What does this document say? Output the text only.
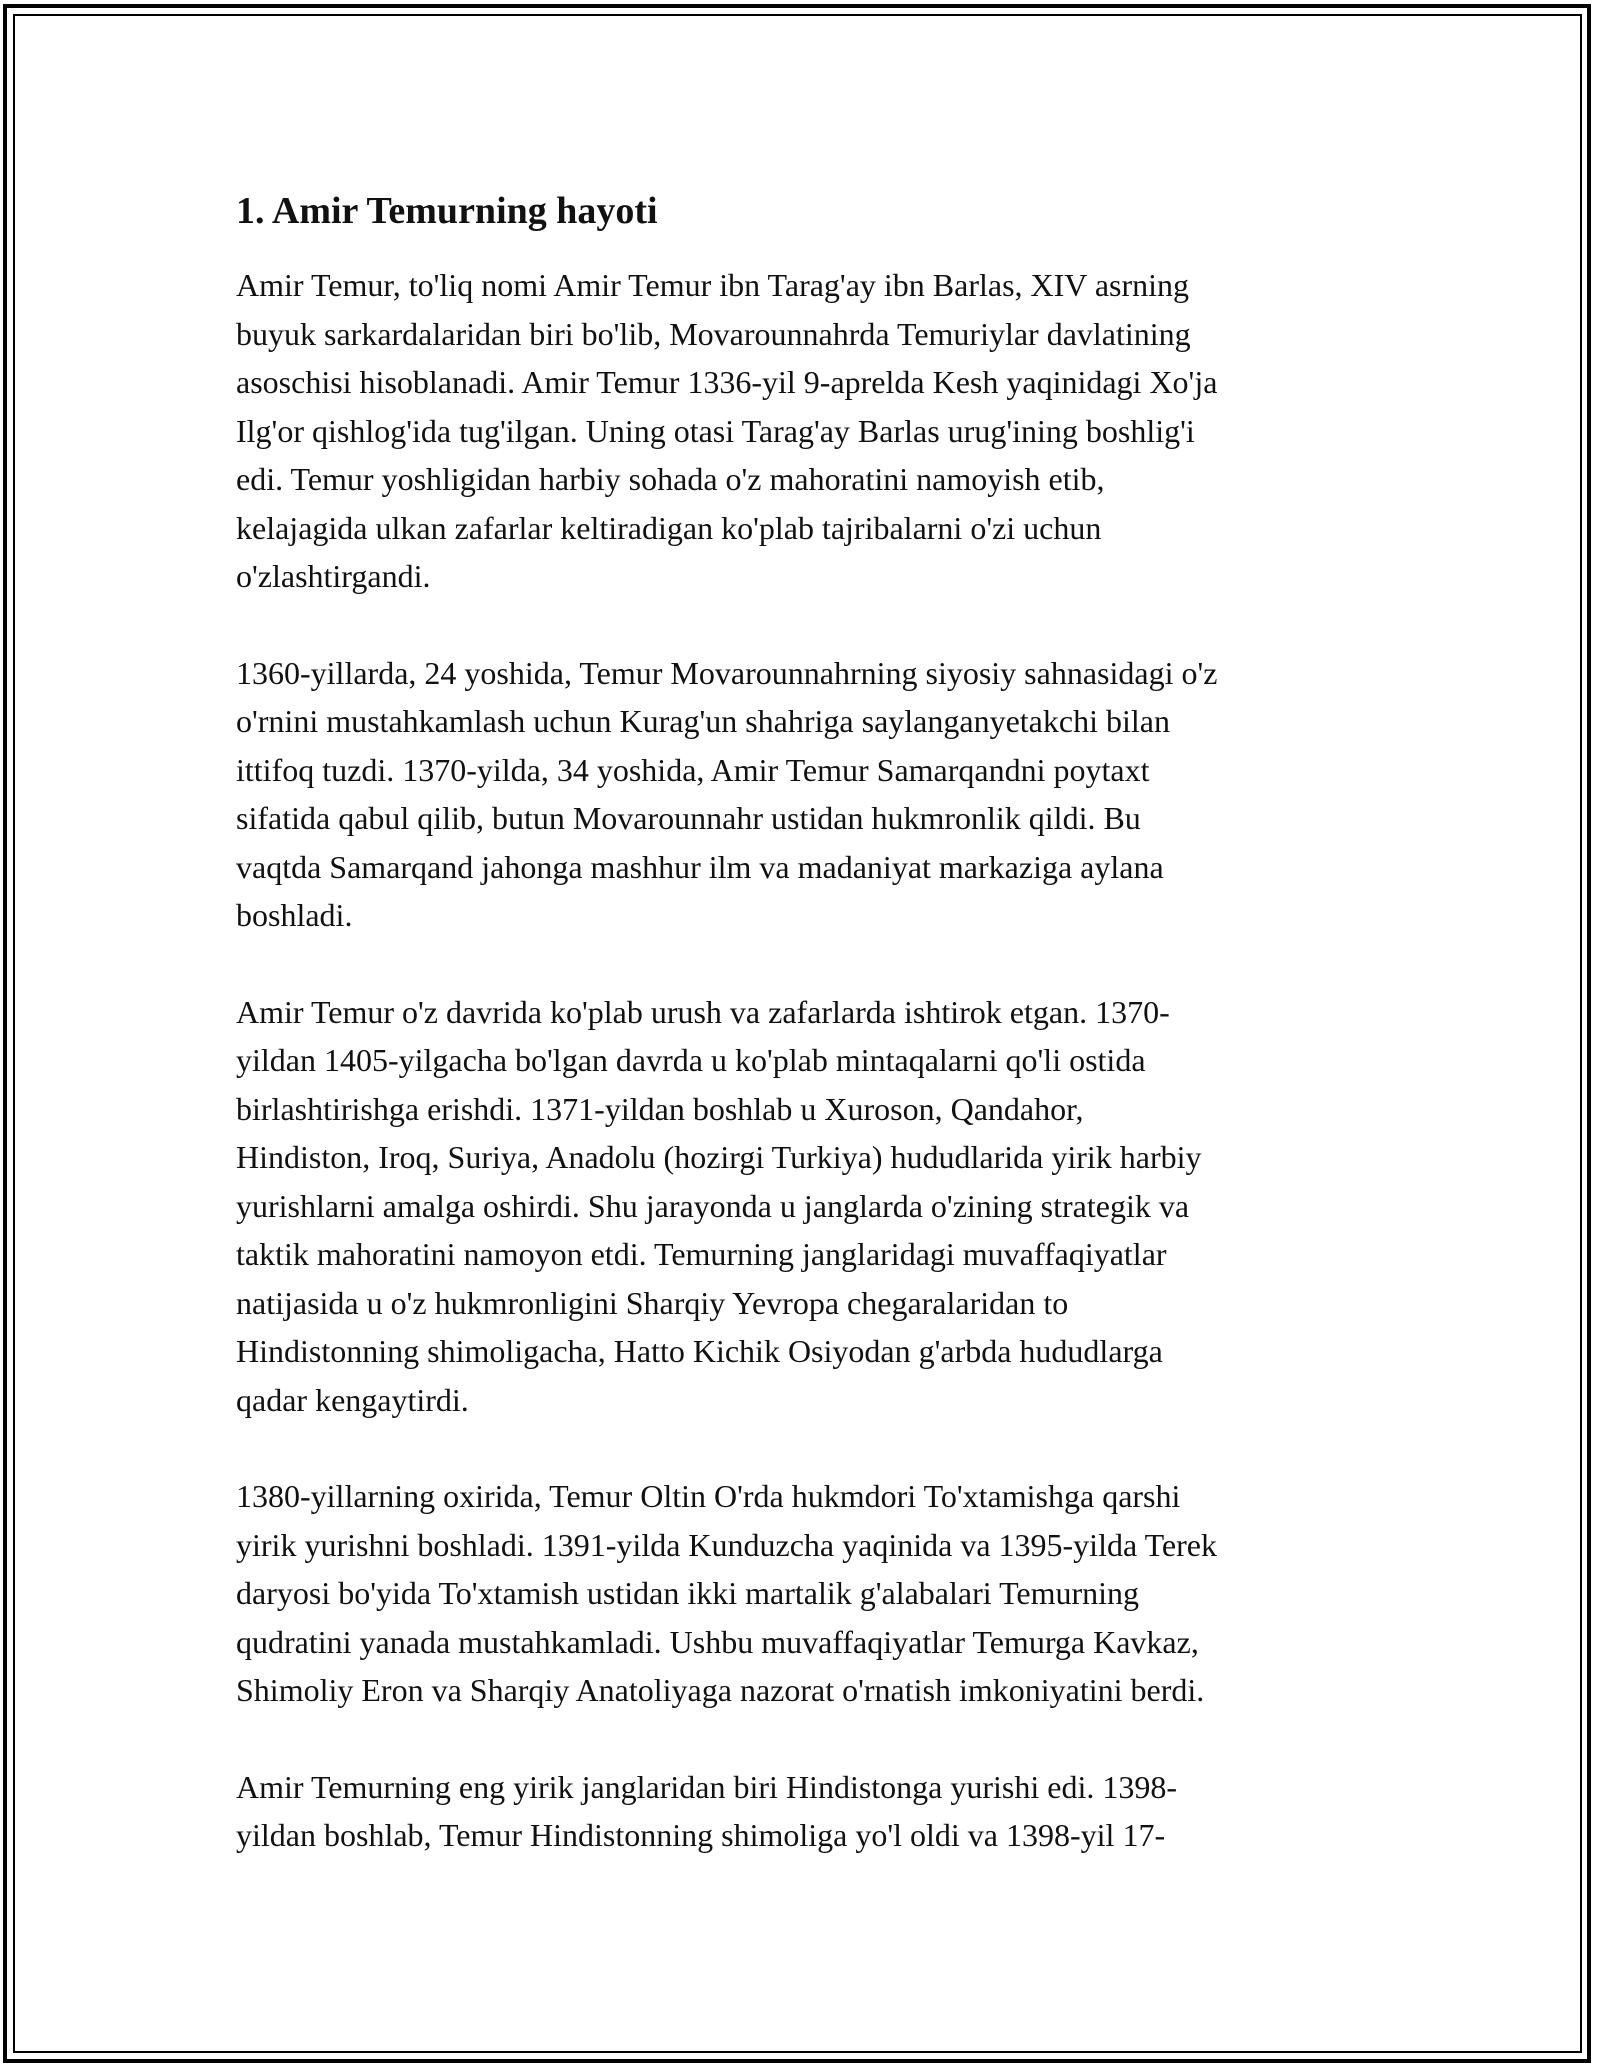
1. Amir Temurning hayoti

Amir Temur, to'liq nomi Amir Temur ibn Tarag'ay ibn Barlas, XIV asrning
buyuk sarkardalaridan biri bo'lib, Movarounnahrda Temuriylar davlatining
asoschisi hisoblanadi. Amir Temur 1336-yil 9-aprelda Kesh yaqinidagi Xo'ja
Ilg'or qishlog'ida tug'ilgan. Uning otasi Tarag'ay Barlas urug'ining boshlig'i
edi. Temur yoshligidan harbiy sohada o'z mahoratini namoyish etib,
kelajagida ulkan zafarlar keltiradigan ko'plab tajribalarni o'zi uchun
o'zlashtirgandi.

1360-yillarda, 24 yoshida, Temur Movarounnahrning siyosiy sahnasidagi o'z
o'rnini mustahkamlash uchun Kurag'un shahriga saylanganyetakchi bilan
ittifoq tuzdi. 1370-yilda, 34 yoshida, Amir Temur Samarqandni poytaxt
sifatida qabul qilib, butun Movarounnahr ustidan hukmronlik qildi. Bu
vaqtda Samarqand jahonga mashhur ilm va madaniyat markaziga aylana
boshladi.

Amir Temur o'z davrida ko'plab urush va zafarlarda ishtirok etgan. 1370-
yildan 1405-yilgacha bo'lgan davrda u ko'plab mintaqalarni qo'li ostida
birlashtirishga erishdi. 1371-yildan boshlab u Xuroson, Qandahor,
Hindiston, Iroq, Suriya, Anadolu (hozirgi Turkiya) hududlarida yirik harbiy
yurishlarni amalga oshirdi. Shu jarayonda u janglarda o'zining strategik va
taktik mahoratini namoyon etdi. Temurning janglaridagi muvaffaqiyatlar
natijasida u o'z hukmronligini Sharqiy Yevropa chegaralaridan to
Hindistonning shimoligacha, Hatto Kichik Osiyodan g'arbda hududlarga
qadar kengaytirdi.

1380-yillarning oxirida, Temur Oltin O'rda hukmdori To'xtamishga qarshi
yirik yurishni boshladi. 1391-yilda Kunduzcha yaqinida va 1395-yilda Terek
daryosi bo'yida To'xtamish ustidan ikki martalik g'alabalari Temurning
qudratini yanada mustahkamladi. Ushbu muvaffaqiyatlar Temurga Kavkaz,
Shimoliy Eron va Sharqiy Anatoliyaga nazorat o'rnatish imkoniyatini berdi.

Amir Temurning eng yirik janglaridan biri Hindistonga yurishi edi. 1398-
yildan boshlab, Temur Hindistonning shimoliga yo'l oldi va 1398-yil 17-
